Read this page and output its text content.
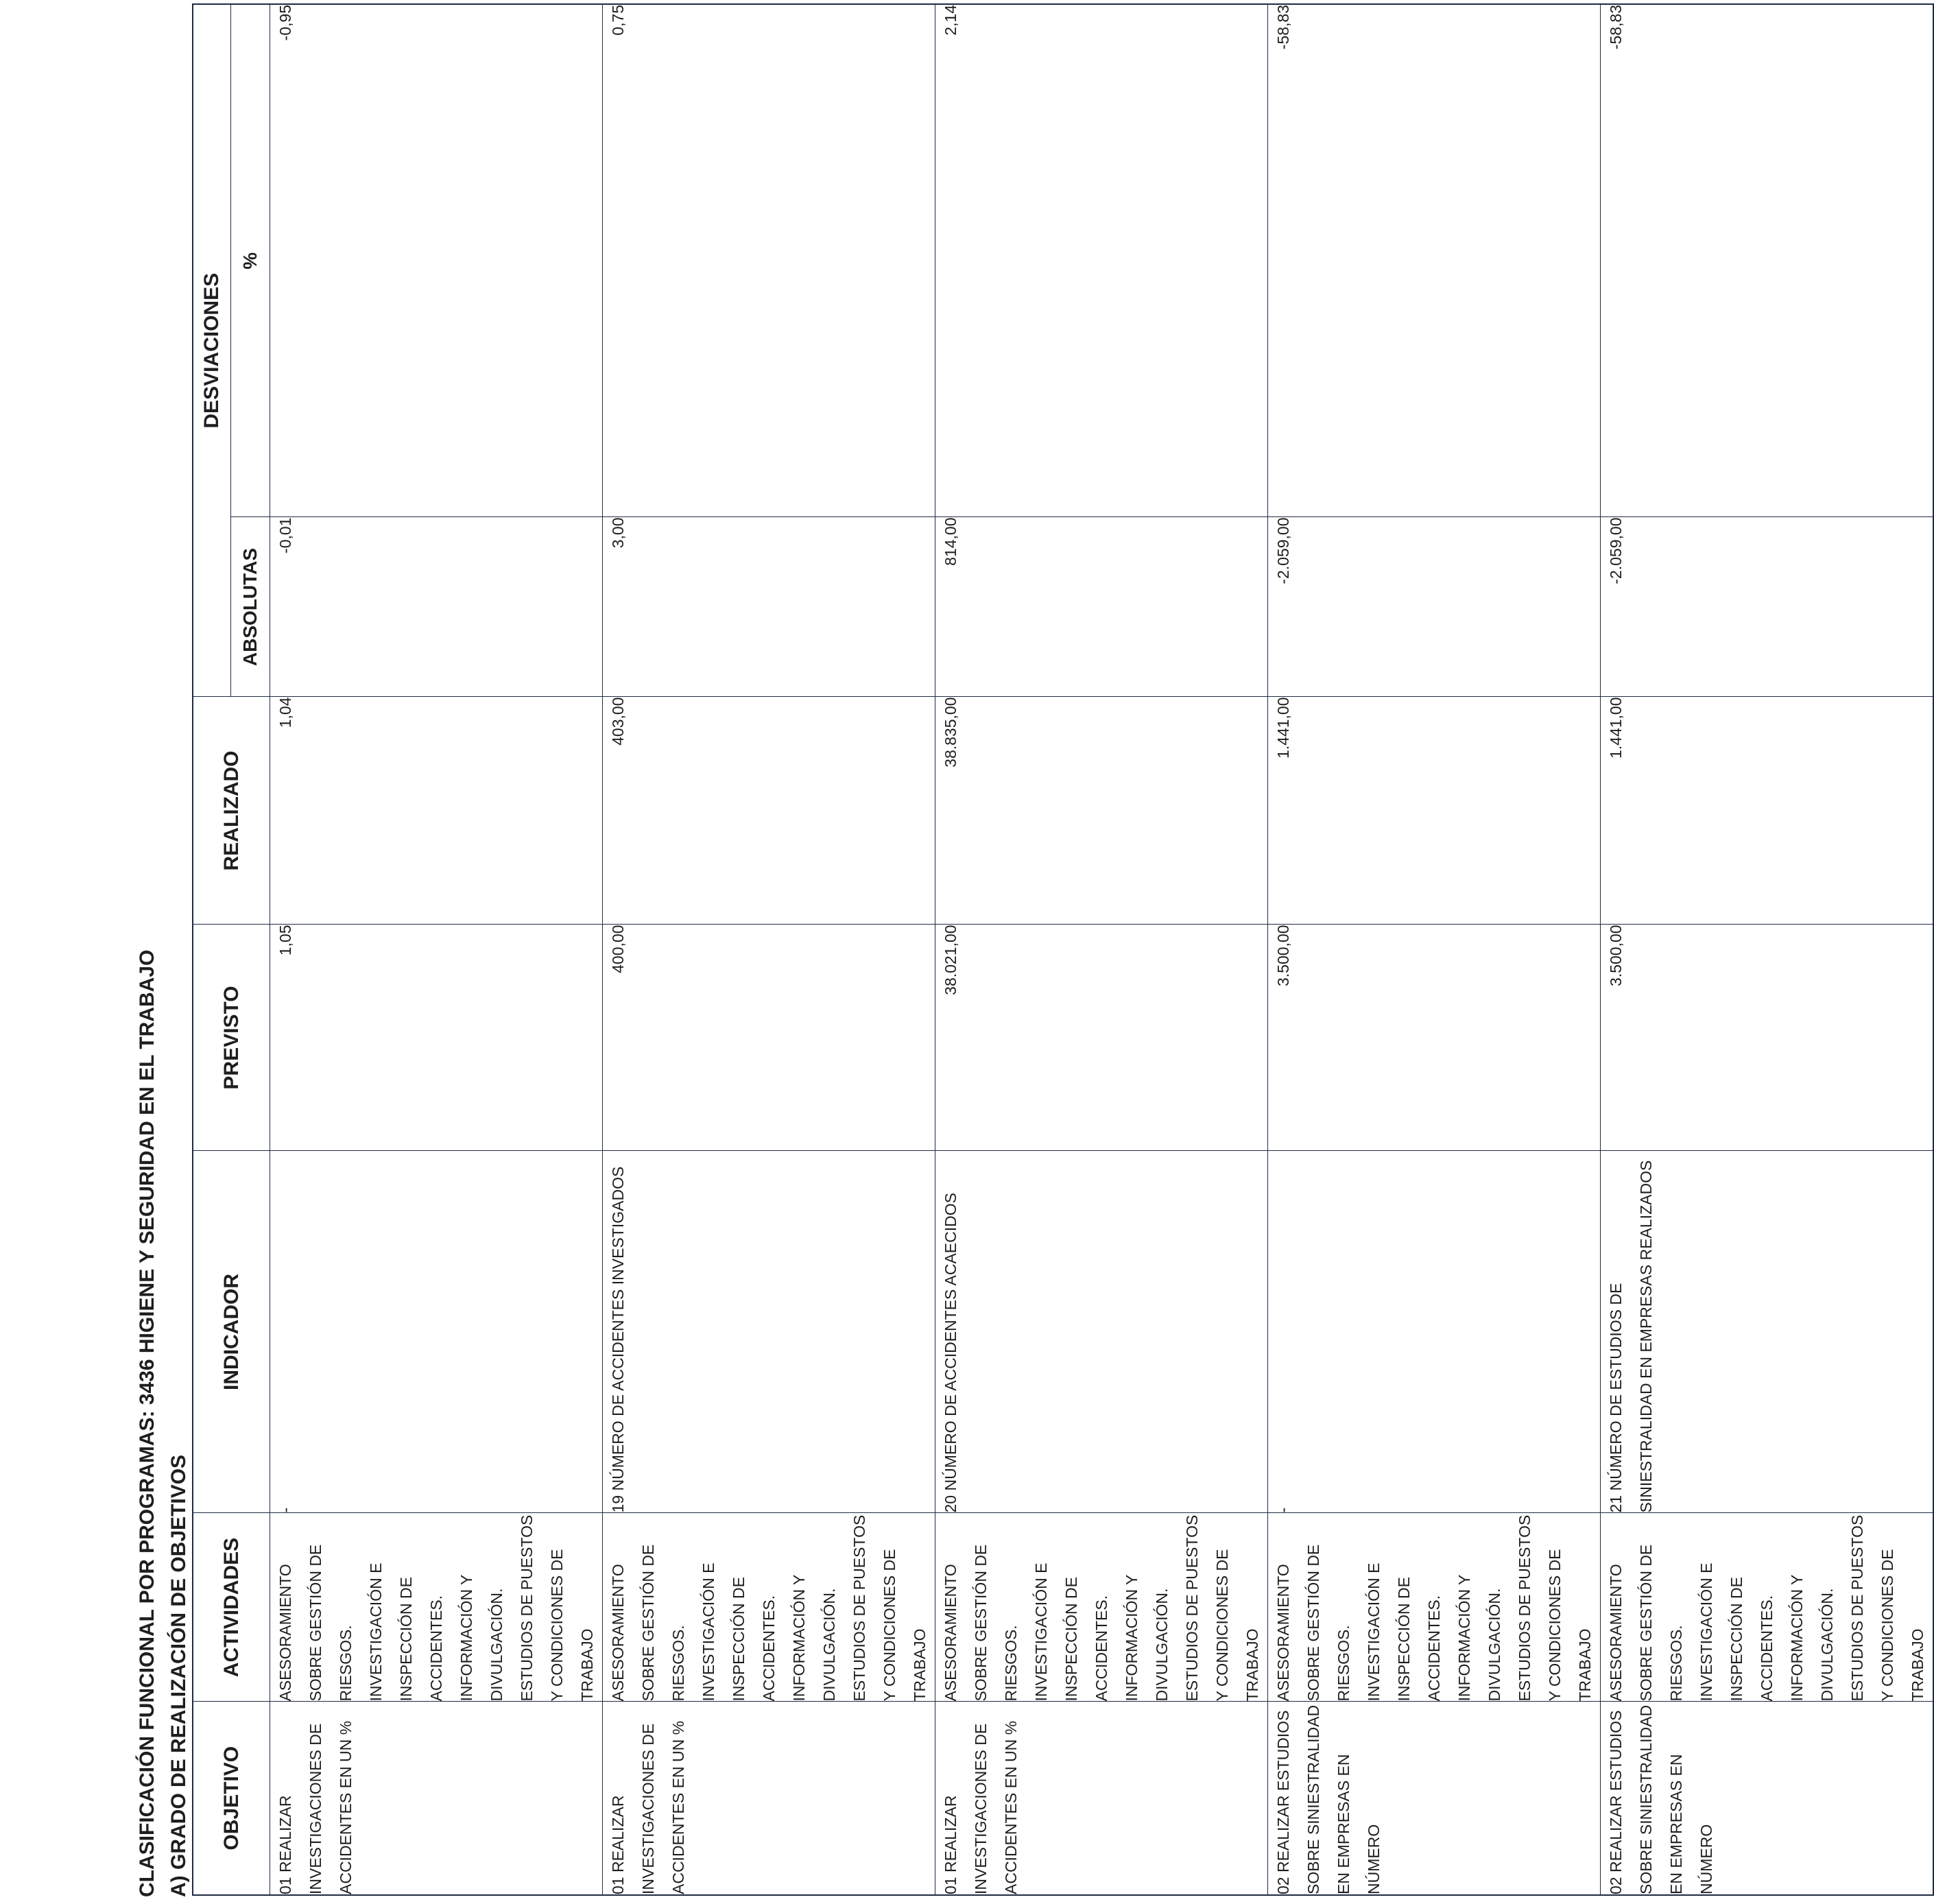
CLASIFICACIÓN FUNCIONAL POR PROGRAMAS: 3436 HIGIENE Y SEGURIDAD EN EL TRABAJO A) GRADO DE REALIZACIÓN DE OBJETIVOS OBJETIVO	ACTIVIDADES	INDICADOR	PREVISTO	REALIZADO	DESVIACIONES	
					ABSOLUTAS	%
01 REALIZAR INVESTIGACIONES DE ACCIDENTES EN UN %	ASESORAMIENTO SOBRE GESTIÓN DE RIESGOS. INVESTIGACIÓN E INSPECCIÓN DE ACCIDENTES. INFORMACIÓN Y DIVULGACIÓN. ESTUDIOS DE PUESTOS Y CONDICIONES DE TRABAJO	-	1,05	1,04	-0,01	-0,95
01 REALIZAR INVESTIGACIONES DE ACCIDENTES EN UN %	ASESORAMIENTO SOBRE GESTIÓN DE RIESGOS. INVESTIGACIÓN E INSPECCIÓN DE ACCIDENTES. INFORMACIÓN Y DIVULGACIÓN. ESTUDIOS DE PUESTOS Y CONDICIONES DE TRABAJO	19 NÚMERO DE ACCIDENTES INVESTIGADOS	400,00	403,00	3,00	0,75
01 REALIZAR INVESTIGACIONES DE ACCIDENTES EN UN %	ASESORAMIENTO SOBRE GESTIÓN DE RIESGOS. INVESTIGACIÓN E INSPECCIÓN DE ACCIDENTES. INFORMACIÓN Y DIVULGACIÓN. ESTUDIOS DE PUESTOS Y CONDICIONES DE TRABAJO	20 NÚMERO DE ACCIDENTES ACAECIDOS	38.021,00	38.835,00	814,00	2,14
02 REALIZAR ESTUDIOS SOBRE SINIESTRALIDAD EN EMPRESAS EN NÚMERO	ASESORAMIENTO SOBRE GESTIÓN DE RIESGOS. INVESTIGACIÓN E INSPECCIÓN DE ACCIDENTES. INFORMACIÓN Y DIVULGACIÓN. ESTUDIOS DE PUESTOS Y CONDICIONES DE TRABAJO	-	3.500,00	1.441,00	-2.059,00	-58,83
02 REALIZAR ESTUDIOS SOBRE SINIESTRALIDAD EN EMPRESAS EN NÚMERO	ASESORAMIENTO SOBRE GESTIÓN DE RIESGOS. INVESTIGACIÓN E INSPECCIÓN DE ACCIDENTES. INFORMACIÓN Y DIVULGACIÓN. ESTUDIOS DE PUESTOS Y CONDICIONES DE TRABAJO	21 NÚMERO DE ESTUDIOS DE SINIESTRALIDAD EN EMPRESAS REALIZADOS	3.500,00	1.441,00	-2.059,00	-58,83
